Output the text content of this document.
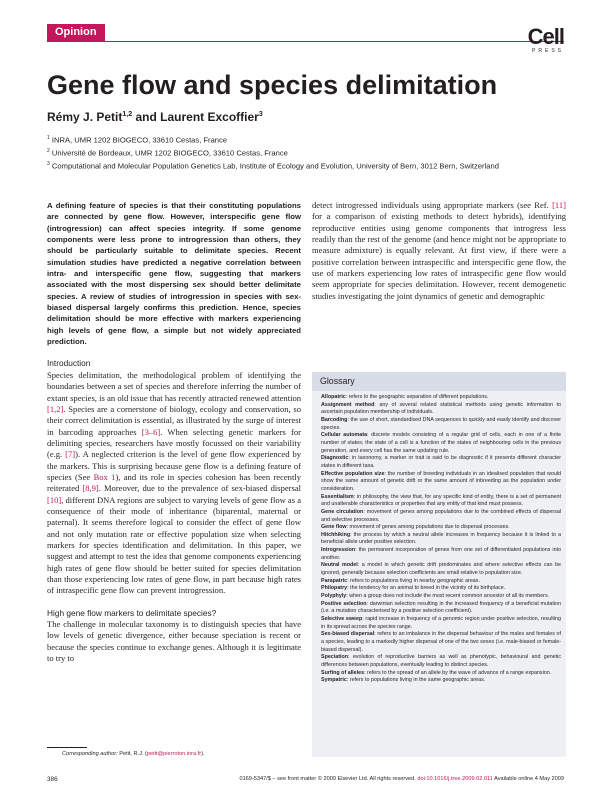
Opinion	Cell
PRESS
Gene flow and species delimitation
Rémy J. Petit$^{1,2}$ and Laurent Excoffier$^3$
$^1$ INRA, UMR 1202 BIOGECO, 33610 Cestas, France
$^2$ Université de Bordeaux, UMR 1202 BIOGECO, 33610 Cestas, France
$^3$ Computational and Molecular Population Genetics Lab, Institute of Ecology and Evolution, University of Bern, 3012 Bern, Switzerland

A defining feature of species is that their constituting populations are connected by gene flow. However, interspecific gene flow (introgression) can affect species integrity. If some genome components were less prone to introgression than others, they should be particularly suitable to delimitate species. Recent simulation studies have predicted a negative correlation between intra- and interspecific gene flow, suggesting that markers associated with the most dispersing sex should better delimitate species. A review of studies of introgression in species with sex-biased dispersal largely confirms this prediction. Hence, species delimitation should be more effective with markers experiencing high levels of gene flow, a simple but not widely appreciated prediction.

Introduction

Species delimitation, the methodological problem of identifying the boundaries between a set of species and therefore inferring the number of extant species, is an old issue that has recently attracted renewed attention [1,2]. Species are a cornerstone of biology, ecology and conservation, so their correct delimitation is essential, as illustrated by the surge of interest in barcoding approaches [3–6]. When selecting genetic markers for delimiting species, researchers have mostly focussed on their variability (e.g. [7]). A neglected criterion is the level of gene flow experienced by the markers. This is surprising because gene flow is a defining feature of species (See Box 1), and its role in species cohesion has been recently reiterated [8,9]. Moreover, due to the prevalence of sex-biased dispersal [10], different DNA regions are subject to varying levels of gene flow as a consequence of their mode of inheritance (biparental, maternal or paternal). It seems therefore logical to consider the effect of gene flow and not only mutation rate or effective population size when selecting markers for species identification and delimitation. In this paper, we suggest and attempt to test the idea that genome components experiencing high rates of gene flow should be better suited for species delimitation than those experiencing low rates of gene flow, in part because high rates of intraspecific gene flow can prevent introgression.

High gene flow markers to delimitate species?

The challenge in molecular taxonomy is to distinguish species that have low levels of genetic divergence, either because speciation is recent or because the species continue to exchange genes. Although it is legitimate to try to

detect introgressed individuals using appropriate markers (see Ref. [11] for a comparison of existing methods to detect hybrids), identifying reproductive entities using genome components that introgress less readily than the rest of the genome (and hence might not be appropriate to measure admixture) is equally relevant. At first view, if there were a positive correlation between intraspecific and interspecific gene flow, the use of markers experiencing low rates of intraspecific gene flow would seem appropriate for species delimitation. However, recent demogenetic studies investigating the joint dynamics of genetic and demographic

Glossary

Allopatric: refers to the geographic separation of different populations.

Assignment method: any of several related statistical methods using genetic information to ascertain population membership of individuals.

Barcoding: the use of short, standardised DNA sequences to quickly and easily identify and discover species.

Cellular automata: discrete models consisting of a regular grid of cells, each in one of a finite number of states; the state of a cell is a function of the states of neighbouring cells in the previous generation, and every cell has the same updating rule.

Diagnostic: in taxonomy, a marker or trait is said to be diagnostic if it presents different character states in different taxa.

Effective population size: the number of breeding individuals in an idealised population that would show the same amount of genetic drift or the same amount of inbreeding as the population under consideration.

Essentialism: in philosophy, the view that, for any specific kind of entity, there is a set of permanent and unalterable characteristics or properties that any entity of that kind must possess.

Gene circulation: movement of genes among populations due to the combined effects of dispersal and selective processes.

Gene flow: movement of genes among populations due to dispersal processes.

Hitchhiking: the process by which a neutral allele increases in frequency because it is linked to a beneficial allele under positive selection.

Introgression: the permanent incorporation of genes from one set of differentiated populations into another.

Neutral model: a model in which genetic drift predominates and where selective effects can be ignored, generally because selection coefficients are small relative to population size.

Parapatric: refers to populations living in nearby geographic areas.

Philopatry: the tendency for an animal to breed in the vicinity of its birthplace.

Polyphyly: when a group does not include the most recent common ancestor of all its members.

Positive selection: darwinian selection resulting in the increased frequency of a beneficial mutation (i.e. a mutation characterised by a positive selection coefficient).

Selective sweep: rapid increase in frequency of a genomic region under positive selection, resulting in its spread across the species range.

Sex-biased dispersal: refers to an imbalance in the dispersal behaviour of the males and females of a species, leading to a markedly higher dispersal of one of the two sexes (i.e. male-biased or female-biased dispersal).

Speciation: evolution of reproductive barriers as well as phenotypic, behavioural and genetic differences between populations, eventually leading to distinct species.

Surfing of alleles: refers to the spread of an allele by the wave of advance of a range expansion.

Sympatric: refers to populations living in the same geographic areas.

Corresponding author: Petit, R.J. (petit@pierroton.inra.fr).
386	0169-5347/$ – see front matter © 2009 Elsevier Ltd. All rights reserved. doi:10.1016/j.tree.2009.02.011 Available online 4 May 2009
